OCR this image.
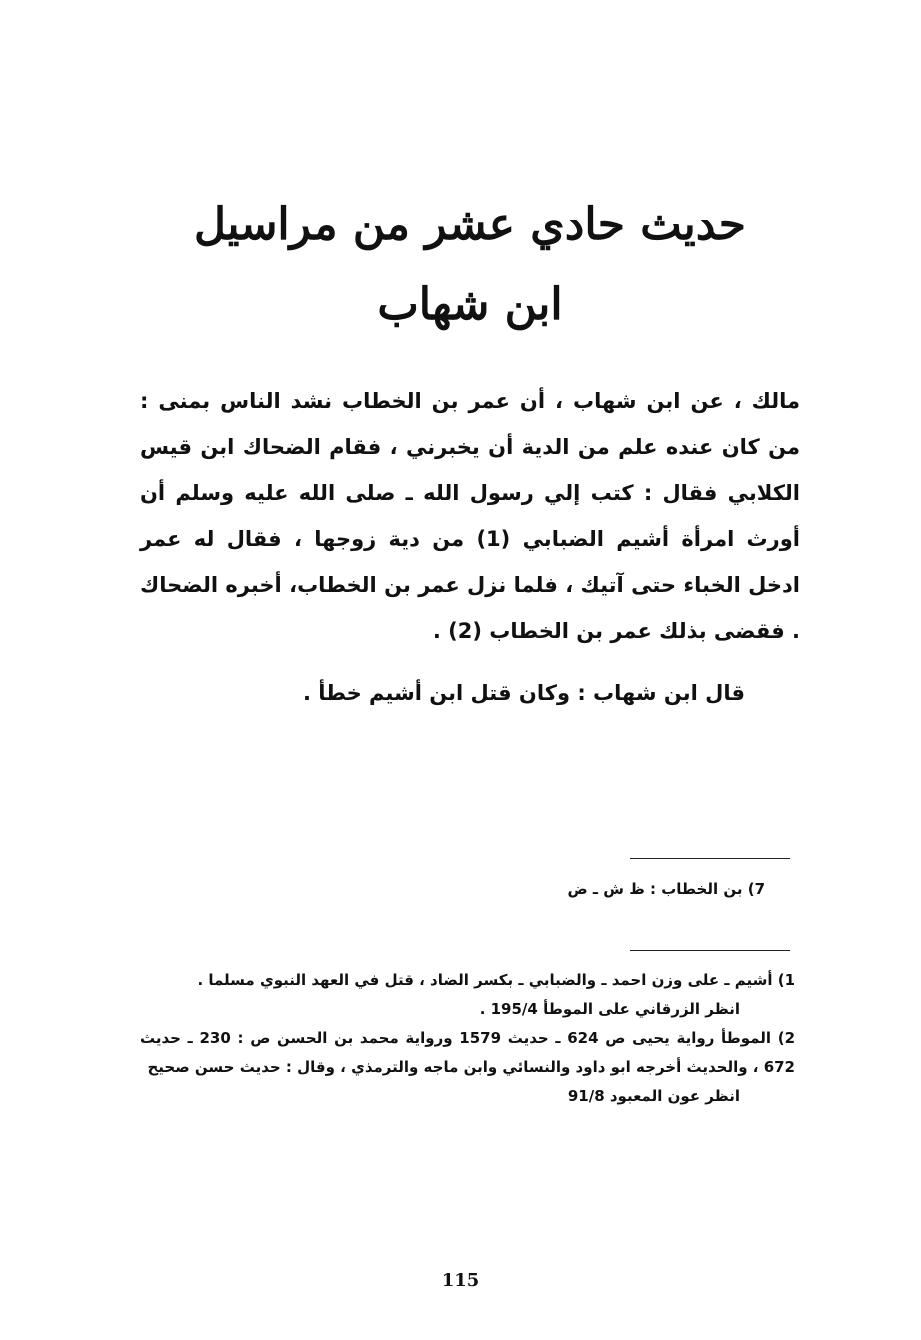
حديث حادي عشر من مراسيل
ابن شهاب

مالك ، عن ابن شهاب ، أن عمر بن الخطاب نشد الناس بمنى : من كان عنده علم من الدية أن يخبرني ، فقام الضحاك ابن قيس الكلابي فقال : كتب إلي رسول الله ـ صلى الله عليه وسلم أن أورث امرأة أشيم الضبابي (1) من دية زوجها ، فقال له عمر ادخل الخباء حتى آتيك ، فلما نزل عمر بن الخطاب، أخبره الضحاك . فقضى بذلك عمر بن الخطاب (2) .

قال ابن شهاب : وكان قتل ابن أشيم خطأ .

7) بن الخطاب : ظ ش ـ ض

1) أشيم ـ على وزن احمد ـ والضبابي ـ بكسر الضاد ، قتل في العهد النبوي مسلما .

انظر الزرقاني على الموطأ 195/4 .

2) الموطأ رواية يحيى ص 624 ـ حديث 1579 ورواية محمد بن الحسن ص : 230 ـ حديث 672 ، والحديث أخرجه ابو داود والنسائي وابن ماجه والترمذي ، وقال : حديث حسن صحيح

انظر عون المعبود 91/8

115
